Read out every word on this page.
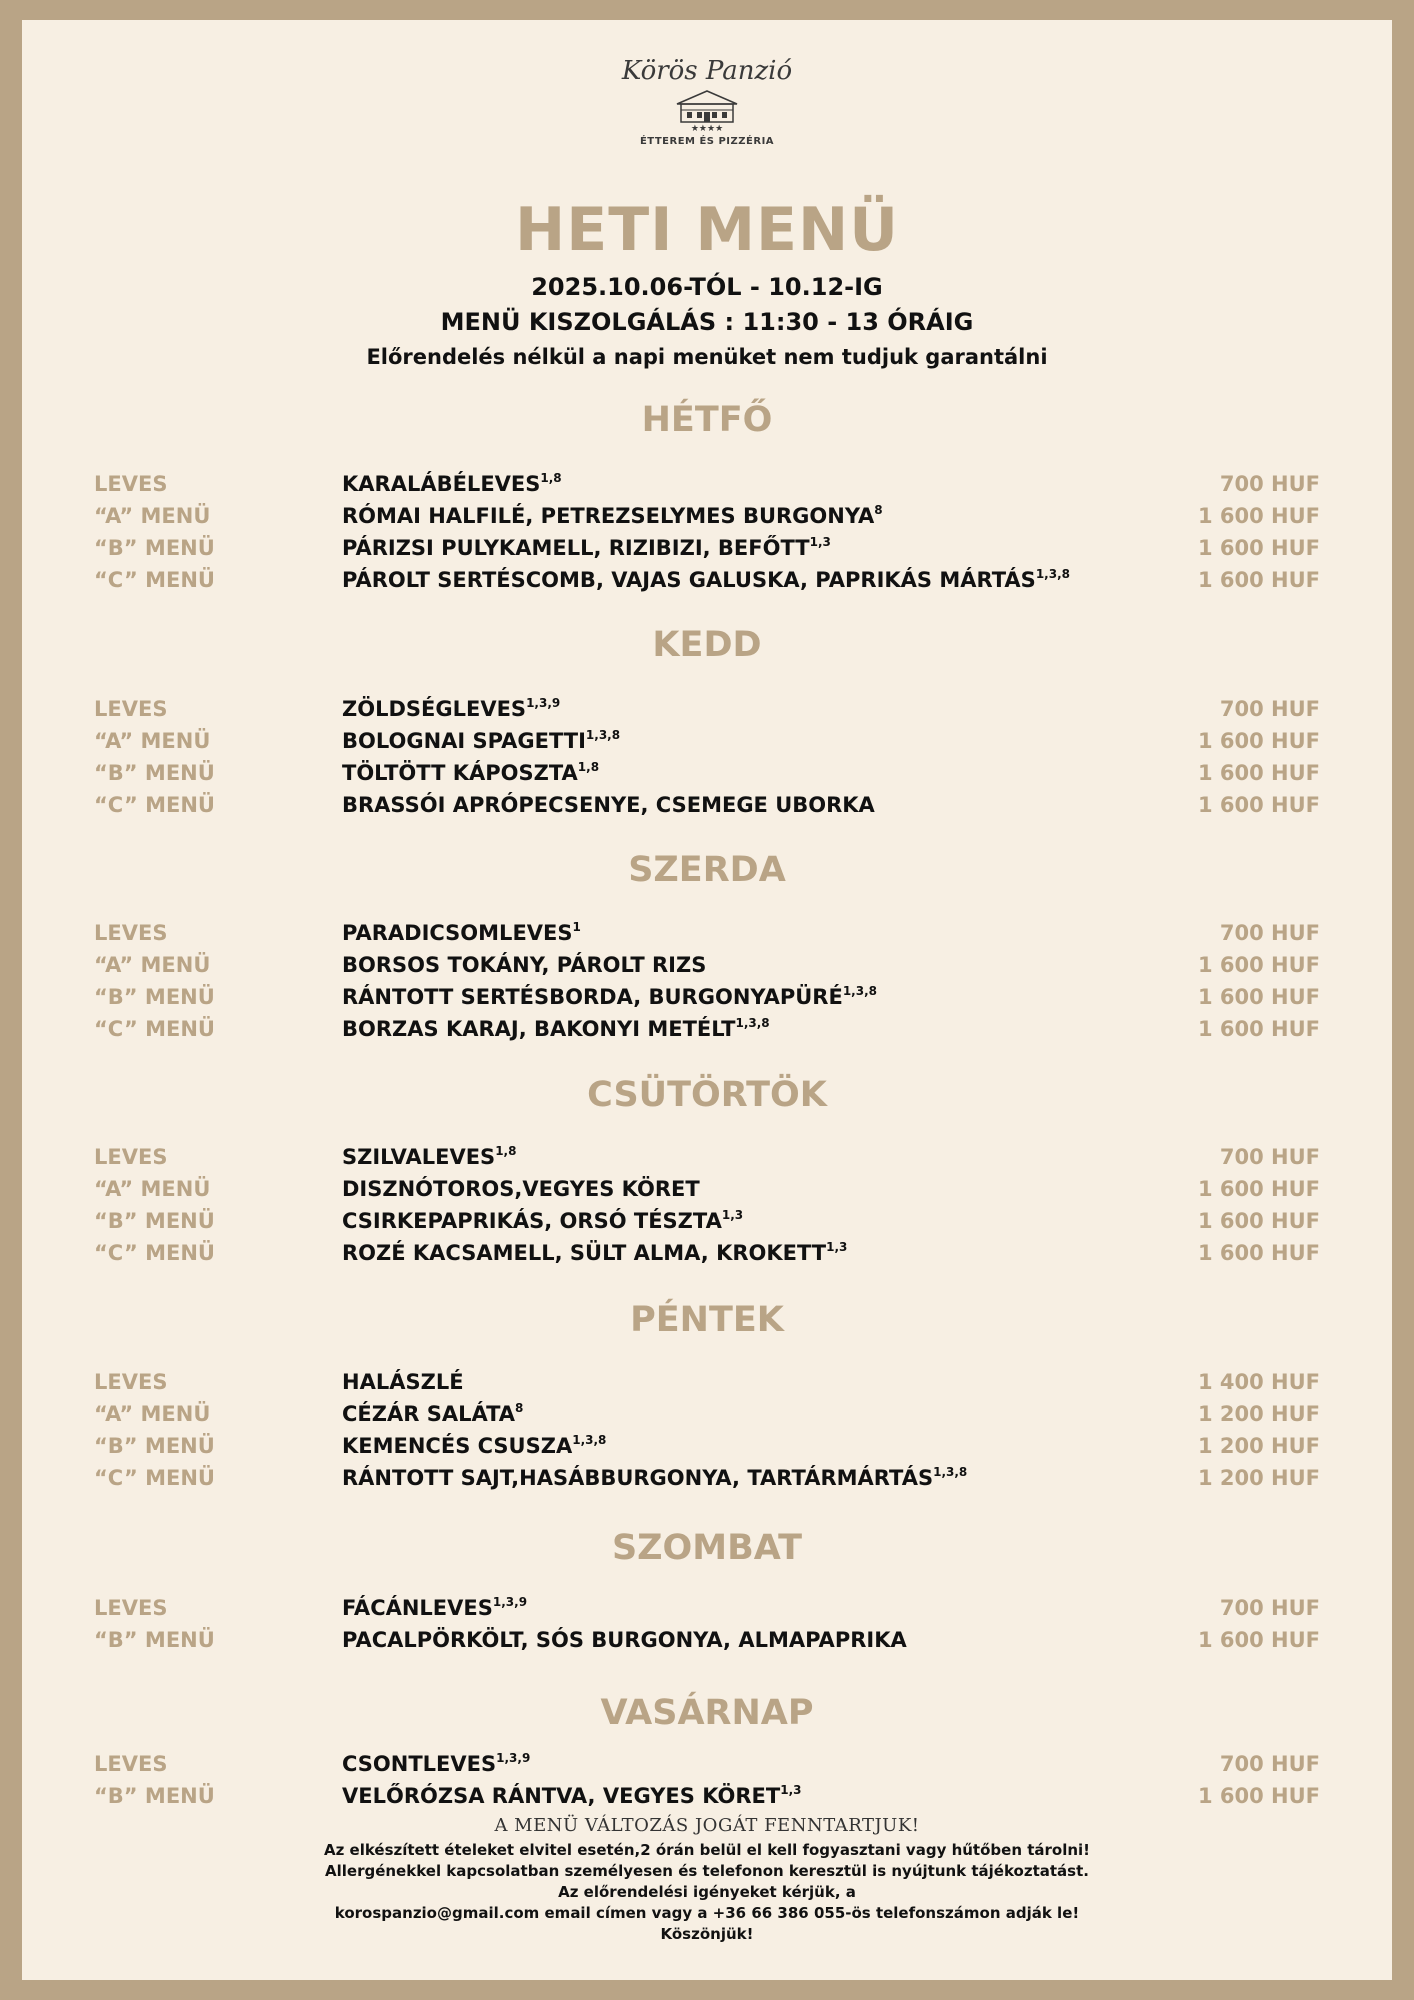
Körös Panzió
★★★★
ÉTTEREM ÉS PIZZÉRIA
HETI MENÜ
2025.10.06-TÓL - 10.12-IG
MENÜ KISZOLGÁLÁS : 11:30 - 13 ÓRÁIG
Előrendelés nélkül a napi menüket nem tudjuk garantálni
HÉTFŐ
LEVES	KARALÁBÉLEVES$^{1,8}$	700 HUF
“A” MENÜ	RÓMAI HALFILÉ, PETREZSELYMES BURGONYA$^8$	1 600 HUF
“B” MENÜ	PÁRIZSI PULYKAMELL, RIZIBIZI, BEFŐTT$^{1,3}$	1 600 HUF
“C” MENÜ	PÁROLT SERTÉSCOMB, VAJAS GALUSKA, PAPRIKÁS MÁRTÁS$^{1,3,8}$	1 600 HUF
KEDD
LEVES	ZÖLDSÉGLEVES$^{1,3,9}$	700 HUF
“A” MENÜ	BOLOGNAI SPAGETTI$^{1,3,8}$	1 600 HUF
“B” MENÜ	TÖLTÖTT KÁPOSZTA$^{1,8}$	1 600 HUF
“C” MENÜ	BRASSÓI APRÓPECSENYE, CSEMEGE UBORKA	1 600 HUF
SZERDA
LEVES	PARADICSOMLEVES$^1$	700 HUF
“A” MENÜ	BORSOS TOKÁNY, PÁROLT RIZS	1 600 HUF
“B” MENÜ	RÁNTOTT SERTÉSBORDA, BURGONYAPÜRÉ$^{1,3,8}$	1 600 HUF
“C” MENÜ	BORZAS KARAJ, BAKONYI METÉLT$^{1,3,8}$	1 600 HUF
CSÜTÖRTÖK
LEVES	SZILVALEVES$^{1,8}$	700 HUF
“A” MENÜ	DISZNÓTOROS,VEGYES KÖRET	1 600 HUF
“B” MENÜ	CSIRKEPAPRIKÁS, ORSÓ TÉSZTA$^{1,3}$	1 600 HUF
“C” MENÜ	ROZÉ KACSAMELL, SÜLT ALMA, KROKETT$^{1,3}$	1 600 HUF
PÉNTEK
LEVES	HALÁSZLÉ	1 400 HUF
“A” MENÜ	CÉZÁR SALÁTA$^8$	1 200 HUF
“B” MENÜ	KEMENCÉS CSUSZA$^{1,3,8}$	1 200 HUF
“C” MENÜ	RÁNTOTT SAJT,HASÁBBURGONYA, TARTÁRMÁRTÁS$^{1,3,8}$	1 200 HUF
SZOMBAT
LEVES	FÁCÁNLEVES$^{1,3,9}$	700 HUF
“B” MENÜ	PACALPÖRKÖLT, SÓS BURGONYA, ALMAPAPRIKA	1 600 HUF
VASÁRNAP
LEVES	CSONTLEVES$^{1,3,9}$	700 HUF
“B” MENÜ	VELŐRÓZSA RÁNTVA, VEGYES KÖRET$^{1,3}$	1 600 HUF
A MENÜ VÁLTOZÁS JOGÁT FENNTARTJUK!
Az elkészített ételeket elvitel esetén,2 órán belül el kell fogyasztani vagy hűtőben tárolni!
Allergénekkel kapcsolatban személyesen és telefonon keresztül is nyújtunk tájékoztatást.
Az előrendelési igényeket kérjük, a
korospanzio@gmail.com email címen vagy a +36 66 386 055-ös telefonszámon adják le!
Köszönjük!
